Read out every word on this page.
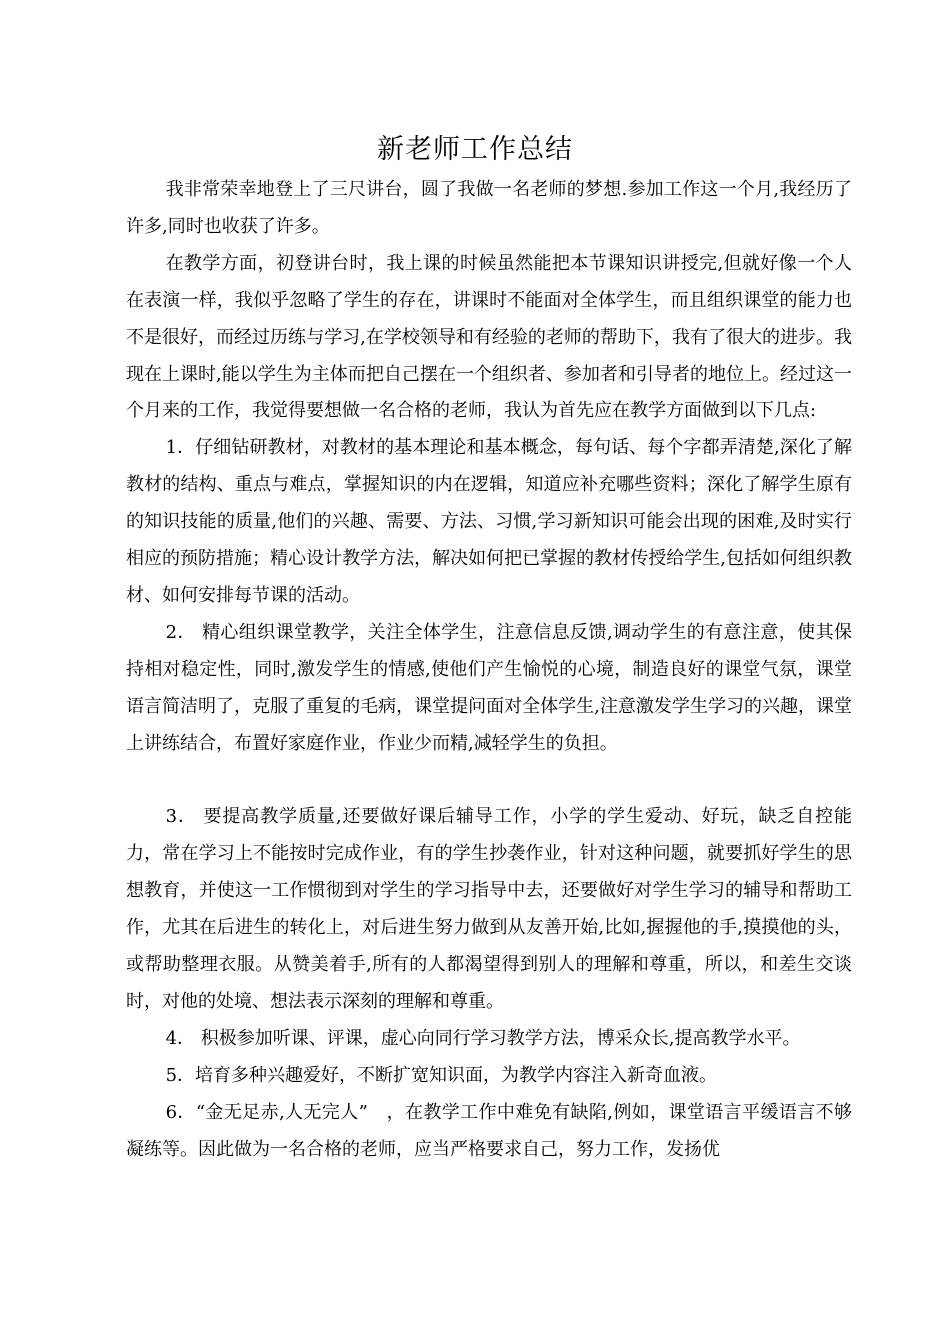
新老师工作总结

我非常荣幸地登上了三尺讲台，圆了我做一名老师的梦想.参加工作这一个月,我经历了许多,同时也收获了许多。

在教学方面，初登讲台时，我上课的时候虽然能把本节课知识讲授完,但就好像一个人在表演一样，我似乎忽略了学生的存在，讲课时不能面对全体学生，而且组织课堂的能力也不是很好，而经过历练与学习,在学校领导和有经验的老师的帮助下，我有了很大的进步。我现在上课时,能以学生为主体而把自己摆在一个组织者、参加者和引导者的地位上。经过这一个月来的工作，我觉得要想做一名合格的老师，我认为首先应在教学方面做到以下几点:

1．仔细钻研教材，对教材的基本理论和基本概念，每句话、每个字都弄清楚,深化了解教材的结构、重点与难点，掌握知识的内在逻辑，知道应补充哪些资料；深化了解学生原有的知识技能的质量,他们的兴趣、需要、方法、习惯,学习新知识可能会出现的困难,及时实行相应的预防措施；精心设计教学方法，解决如何把已掌握的教材传授给学生,包括如何组织教材、如何安排每节课的活动。

2． 精心组织课堂教学，关注全体学生，注意信息反馈,调动学生的有意注意，使其保持相对稳定性，同时,激发学生的情感,使他们产生愉悦的心境，制造良好的课堂气氛，课堂语言简洁明了，克服了重复的毛病，课堂提问面对全体学生,注意激发学生学习的兴趣，课堂上讲练结合，布置好家庭作业，作业少而精,减轻学生的负担。

3． 要提高教学质量,还要做好课后辅导工作，小学的学生爱动、好玩，缺乏自控能力，常在学习上不能按时完成作业，有的学生抄袭作业，针对这种问题，就要抓好学生的思想教育，并使这一工作惯彻到对学生的学习指导中去，还要做好对学生学习的辅导和帮助工作，尤其在后进生的转化上，对后进生努力做到从友善开始,比如,握握他的手,摸摸他的头，或帮助整理衣服。从赞美着手,所有的人都渴望得到别人的理解和尊重，所以，和差生交谈时，对他的处境、想法表示深刻的理解和尊重。

4． 积极参加听课、评课，虚心向同行学习教学方法，博采众长,提高教学水平。

5．培育多种兴趣爱好，不断扩宽知识面，为教学内容注入新奇血液。

6．“金无足赤,人无完人”　，在教学工作中难免有缺陷,例如，课堂语言平缓语言不够凝练等。因此做为一名合格的老师，应当严格要求自己，努力工作，发扬优
